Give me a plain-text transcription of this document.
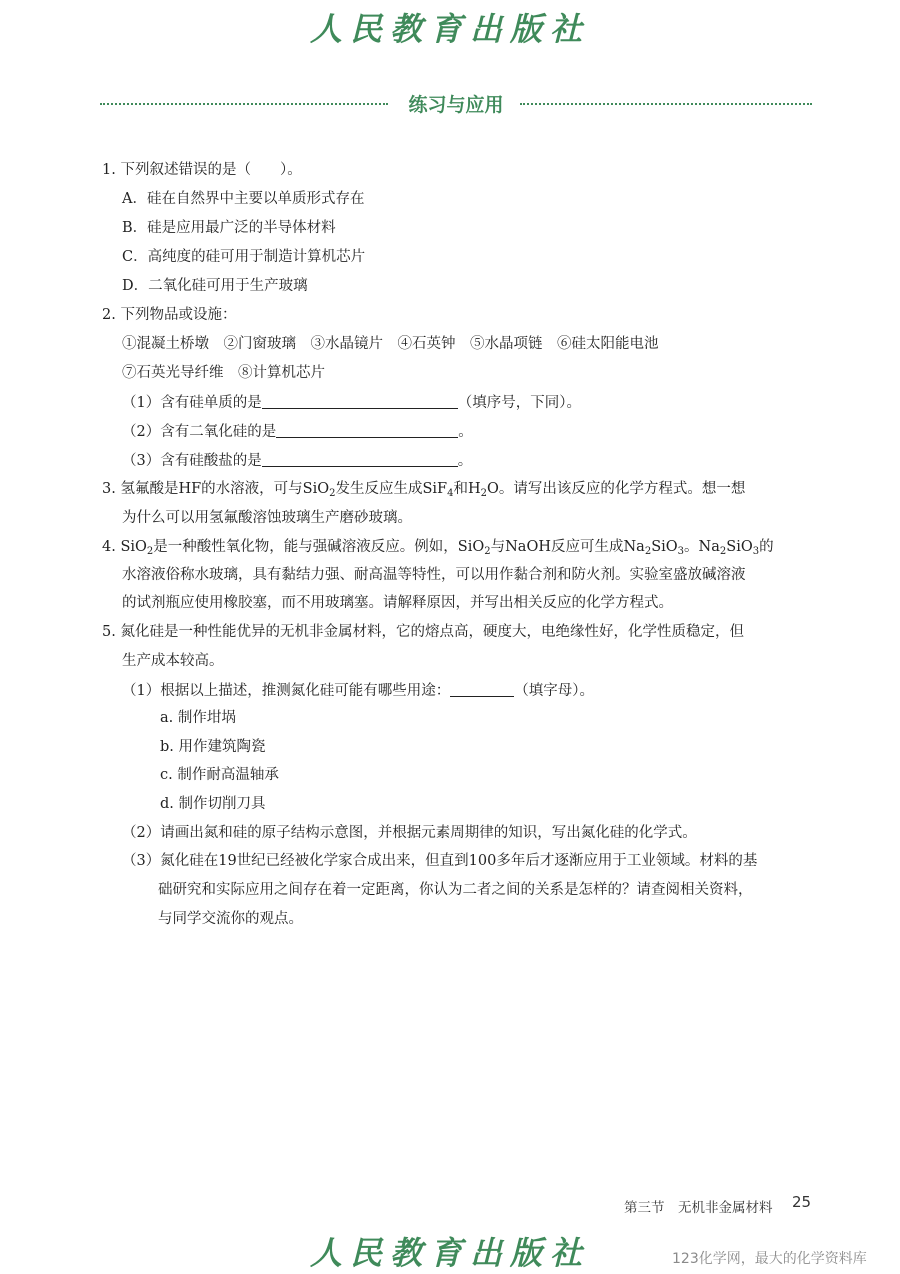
人民教育出版社
练习与应用
1. 下列叙述错误的是（　　）。
A．硅在自然界中主要以单质形式存在
B．硅是应用最广泛的半导体材料
C．高纯度的硅可用于制造计算机芯片
D．二氧化硅可用于生产玻璃
2. 下列物品或设施：
①混凝土桥墩　②门窗玻璃　③水晶镜片　④石英钟　⑤水晶项链　⑥硅太阳能电池
⑦石英光导纤维　⑧计算机芯片
（1）含有硅单质的是	（填序号，下同）。
（2）含有二氧化硅的是	。
（3）含有硅酸盐的是	。
3. 氢氟酸是HF的水溶液，可与SiO$_2$发生反应生成SiF$_4$和$H_2O$。请写出该反应的化学方程式。想一想
为什么可以用氢氟酸溶蚀玻璃生产磨砂玻璃。
4. SiO$_2$是一种酸性氧化物，能与强碱溶液反应。例如，SiO$_2$与NaOH反应可生成$Na_2SiO_3$。$Na_2SiO_3$的
水溶液俗称水玻璃，具有黏结力强、耐高温等特性，可以用作黏合剂和防火剂。实验室盛放碱溶液
的试剂瓶应使用橡胶塞，而不用玻璃塞。请解释原因，并写出相关反应的化学方程式。
5. 氮化硅是一种性能优异的无机非金属材料，它的熔点高，硬度大，电绝缘性好，化学性质稳定，但
生产成本较高。
（1）根据以上描述，推测氮化硅可能有哪些用途：	（填字母）。
a. 制作坩埚
b. 用作建筑陶瓷
c. 制作耐高温轴承
d. 制作切削刀具
（2）请画出氮和硅的原子结构示意图，并根据元素周期律的知识，写出氮化硅的化学式。
（3）氮化硅在19世纪已经被化学家合成出来，但直到100多年后才逐渐应用于工业领域。材料的基
础研究和实际应用之间存在着一定距离，你认为二者之间的关系是怎样的？请查阅相关资料，
与同学交流你的观点。
第三节　无机非金属材料 25
人民教育出版社	123化学网，最大的化学资料库
